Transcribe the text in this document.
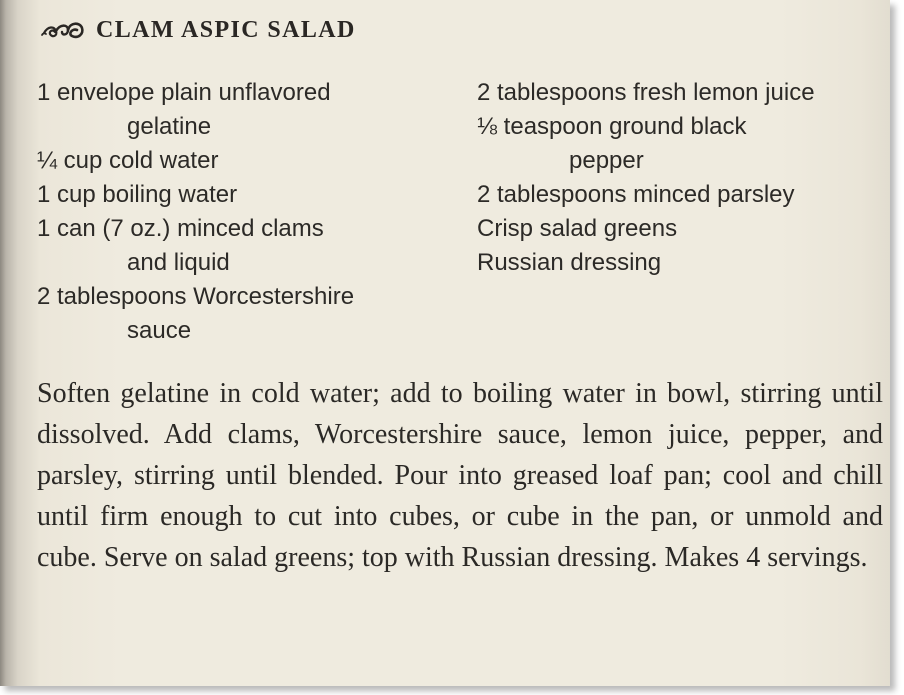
CLAM ASPIC SALAD
1 envelope plain unflavored
gelatine
¼ cup cold water
1 cup boiling water
1 can (7 oz.) minced clams
and liquid
2 tablespoons Worcestershire
sauce
2 tablespoons fresh lemon juice
⅛ teaspoon ground black
pepper
2 tablespoons minced parsley
Crisp salad greens
Russian dressing

Soften gelatine in cold water; add to boiling water in bowl, stirring until dissolved. Add clams, Worcestershire sauce, lemon juice, pepper, and parsley, stirring until blended. Pour into greased loaf pan; cool and chill until firm enough to cut into cubes, or cube in the pan, or unmold and cube. Serve on salad greens; top with Russian dressing. Makes 4 servings.
